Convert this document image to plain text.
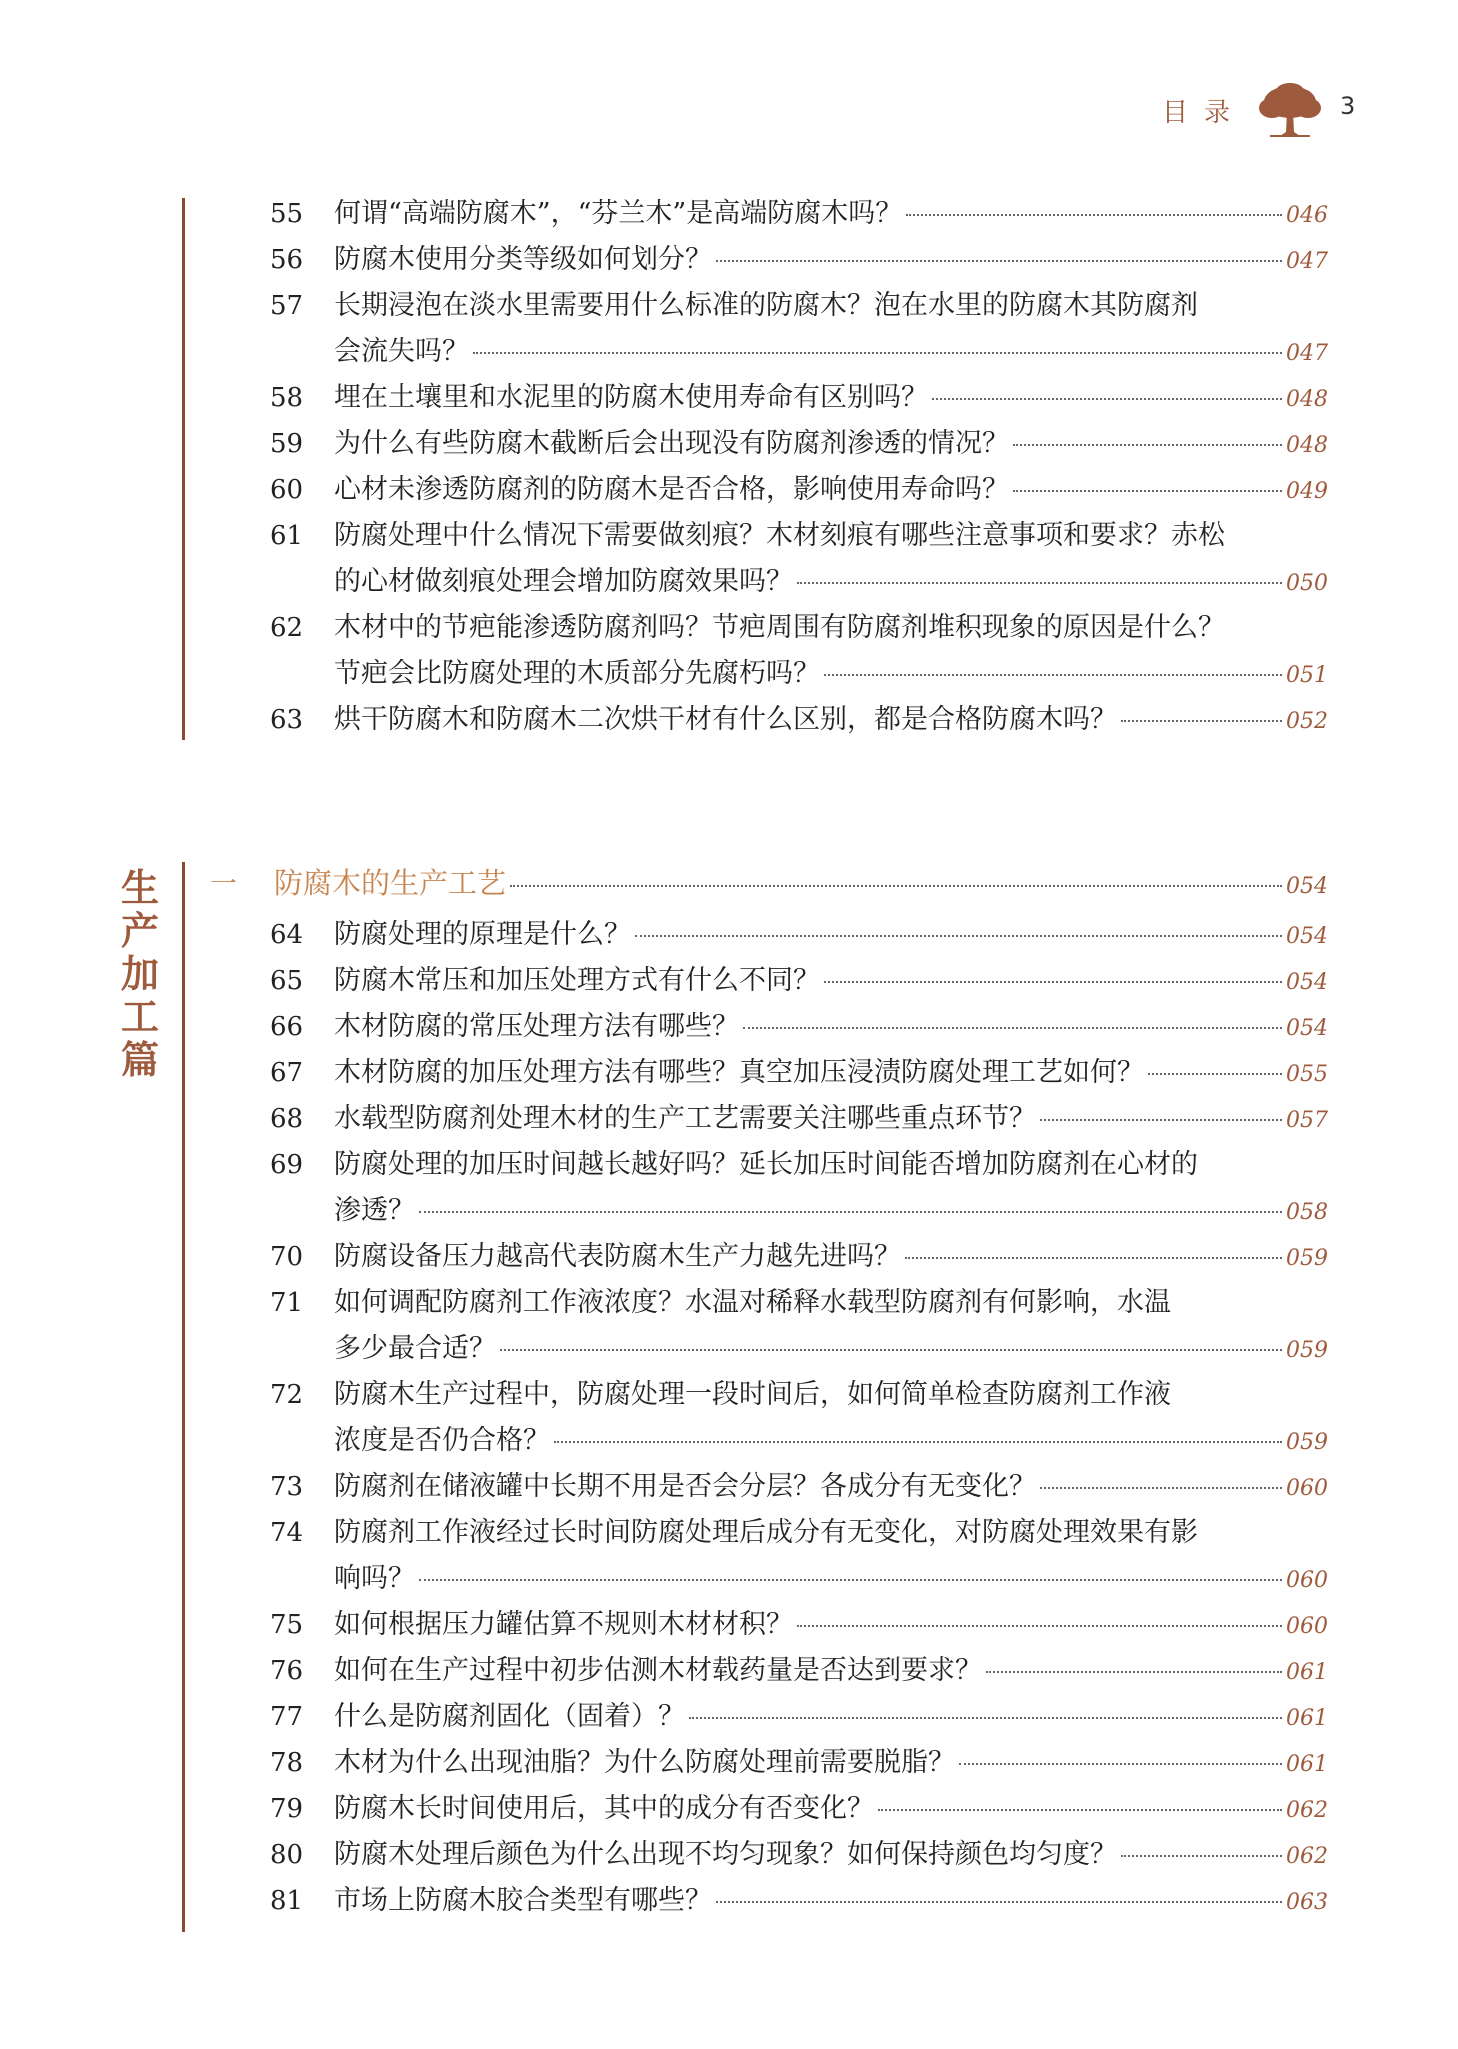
目录	3
生产加工篇
55 何谓“高端防腐木”，“芬兰木”是高端防腐木吗？	046
56 防腐木使用分类等级如何划分？	047
57 长期浸泡在淡水里需要用什么标准的防腐木？泡在水里的防腐木其防腐剂
会流失吗？	047
58 埋在土壤里和水泥里的防腐木使用寿命有区别吗？	048
59 为什么有些防腐木截断后会出现没有防腐剂渗透的情况？	048
60 心材未渗透防腐剂的防腐木是否合格，影响使用寿命吗？	049
61 防腐处理中什么情况下需要做刻痕？木材刻痕有哪些注意事项和要求？赤松
的心材做刻痕处理会增加防腐效果吗？	050
62 木材中的节疤能渗透防腐剂吗？节疤周围有防腐剂堆积现象的原因是什么？
节疤会比防腐处理的木质部分先腐朽吗？	051
63 烘干防腐木和防腐木二次烘干材有什么区别，都是合格防腐木吗？	052
一	防腐木的生产工艺	054
64 防腐处理的原理是什么？	054
65 防腐木常压和加压处理方式有什么不同？	054
66 木材防腐的常压处理方法有哪些？	054
67 木材防腐的加压处理方法有哪些？真空加压浸渍防腐处理工艺如何？	055
68 水载型防腐剂处理木材的生产工艺需要关注哪些重点环节？	057
69 防腐处理的加压时间越长越好吗？延长加压时间能否增加防腐剂在心材的
渗透？	058
70 防腐设备压力越高代表防腐木生产力越先进吗？	059
71 如何调配防腐剂工作液浓度？水温对稀释水载型防腐剂有何影响，水温
多少最合适？	059
72 防腐木生产过程中，防腐处理一段时间后，如何简单检查防腐剂工作液
浓度是否仍合格？	059
73 防腐剂在储液罐中长期不用是否会分层？各成分有无变化？	060
74 防腐剂工作液经过长时间防腐处理后成分有无变化，对防腐处理效果有影
响吗？	060
75 如何根据压力罐估算不规则木材材积？	060
76 如何在生产过程中初步估测木材载药量是否达到要求？	061
77 什么是防腐剂固化（固着）？	061
78 木材为什么出现油脂？为什么防腐处理前需要脱脂？	061
79 防腐木长时间使用后，其中的成分有否变化？	062
80 防腐木处理后颜色为什么出现不均匀现象？如何保持颜色均匀度？	062
81 市场上防腐木胶合类型有哪些？	063
